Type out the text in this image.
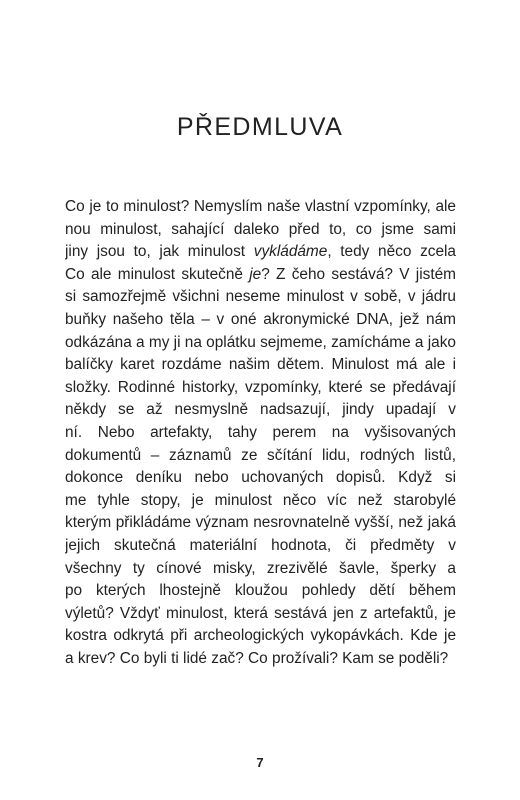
PŘEDMLUVA
Co je to minulost? Nemyslím naše vlastní vzpomínky, ale
nou minulost, sahající daleko před to, co jsme sami
jiny jsou to, jak minulost vykládáme, tedy něco zcela
Co ale minulost skutečně je? Z čeho sestává? V jistém
si samozřejmě všichni neseme minulost v sobě, v jádru
buňky našeho těla – v oné akronymické DNA, jež nám
odkázána a my ji na oplátku sejmeme, zamícháme a jako
balíčky karet rozdáme našim dětem. Minulost má ale i
složky. Rodinné historky, vzpomínky, které se předávají
někdy se až nesmyslně nadsazují, jindy upadají v
ní. Nebo artefakty, tahy perem na vyšisovaných
dokumentů – záznamů ze sčítání lidu, rodných listů,
dokonce deníku nebo uchovaných dopisů. Když si
me tyhle stopy, je minulost něco víc než starobylé
kterým přikládáme význam nesrovnatelně vyšší, než jaká
jejich skutečná materiální hodnota, či předměty v
všechny ty cínové misky, zrezivělé šavle, šperky a
po kterých lhostejně kloužou pohledy dětí během
výletů? Vždyť minulost, která sestává jen z artefaktů, je
kostra odkrytá při archeologických vykopávkách. Kde je
a krev? Co byli ti lidé zač? Co prožívali? Kam se poděli?
7
